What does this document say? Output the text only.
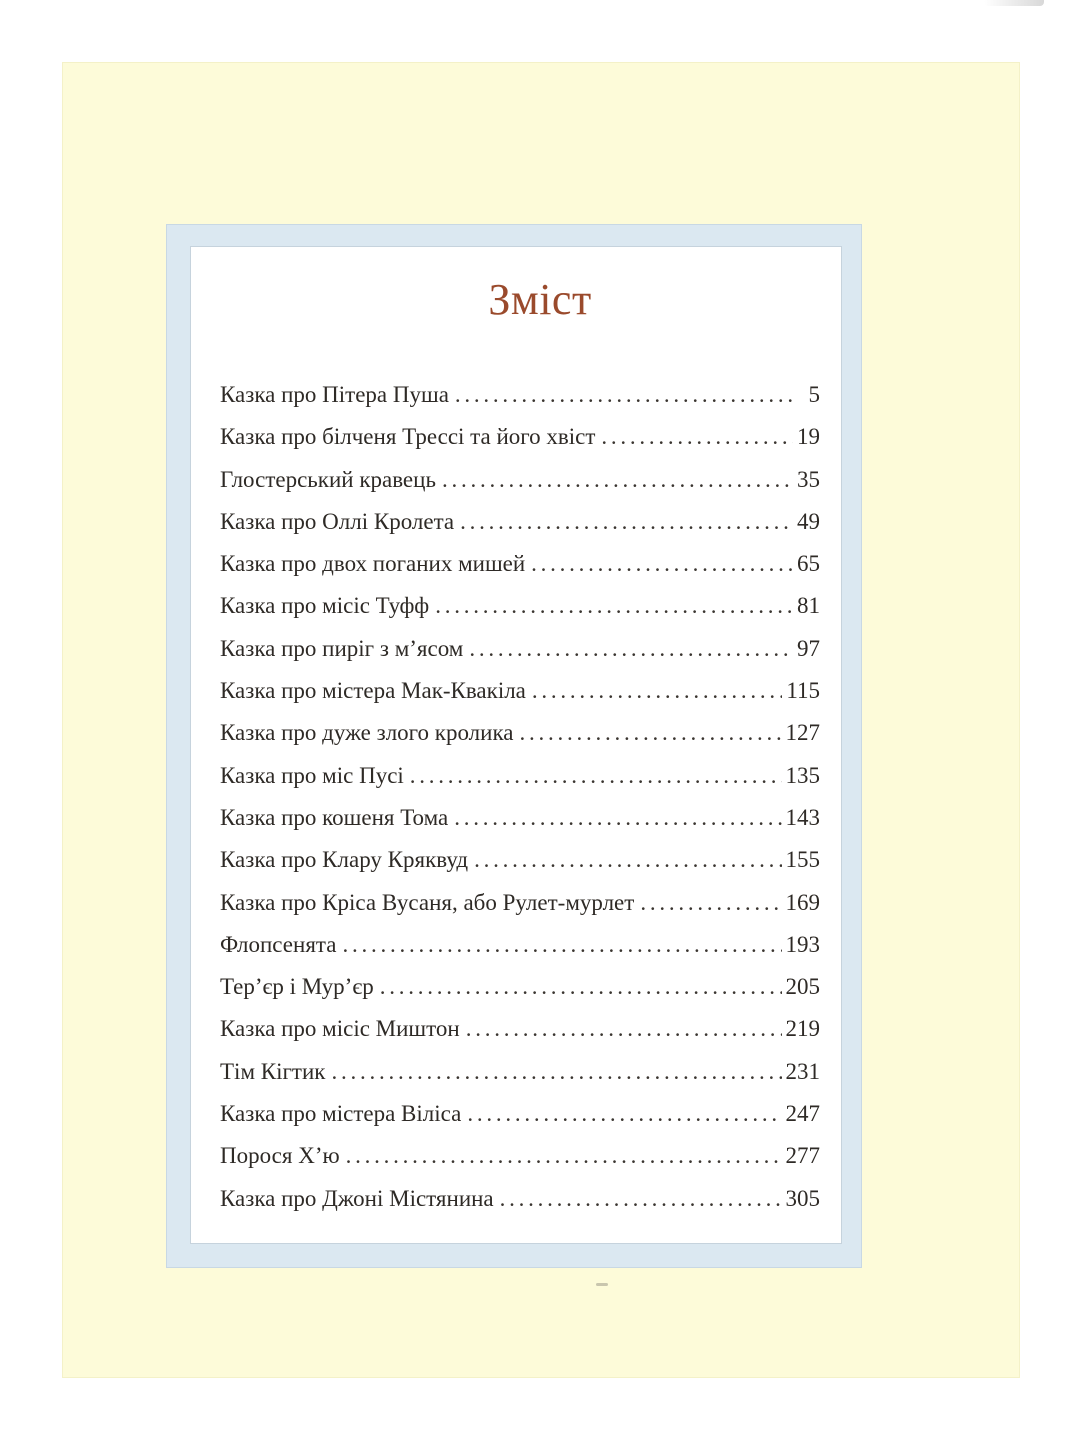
Зміст
Казка про Пітера Пуша . . .	5
Казка про білченя Трессі та його хвіст . . .	19
Глостерський кравець . . .	35
Казка про Оллі Кролета . . .	49
Казка про двох поганих мишей . . .	65
Казка про місіс Туфф . . .	81
Казка про пиріг з м’ясом . . .	97
Казка про містера Мак-Квакіла . . .	115
Казка про дуже злого кролика . . .	127
Казка про міс Пусі . . .	135
Казка про кошеня Тома . . .	143
Казка про Клару Кряквуд . . .	155
Казка про Кріса Вусаня, або Рулет-мурлет . . .	169
Флопсенята . . .	193
Тер’єр і Мур’єр . . .	205
Казка про місіс Миштон . . .	219
Тім Кігтик . . .	231
Казка про містера Віліса . . .	247
Порося Х’ю . . .	277
Казка про Джоні Містянина . . .	305
